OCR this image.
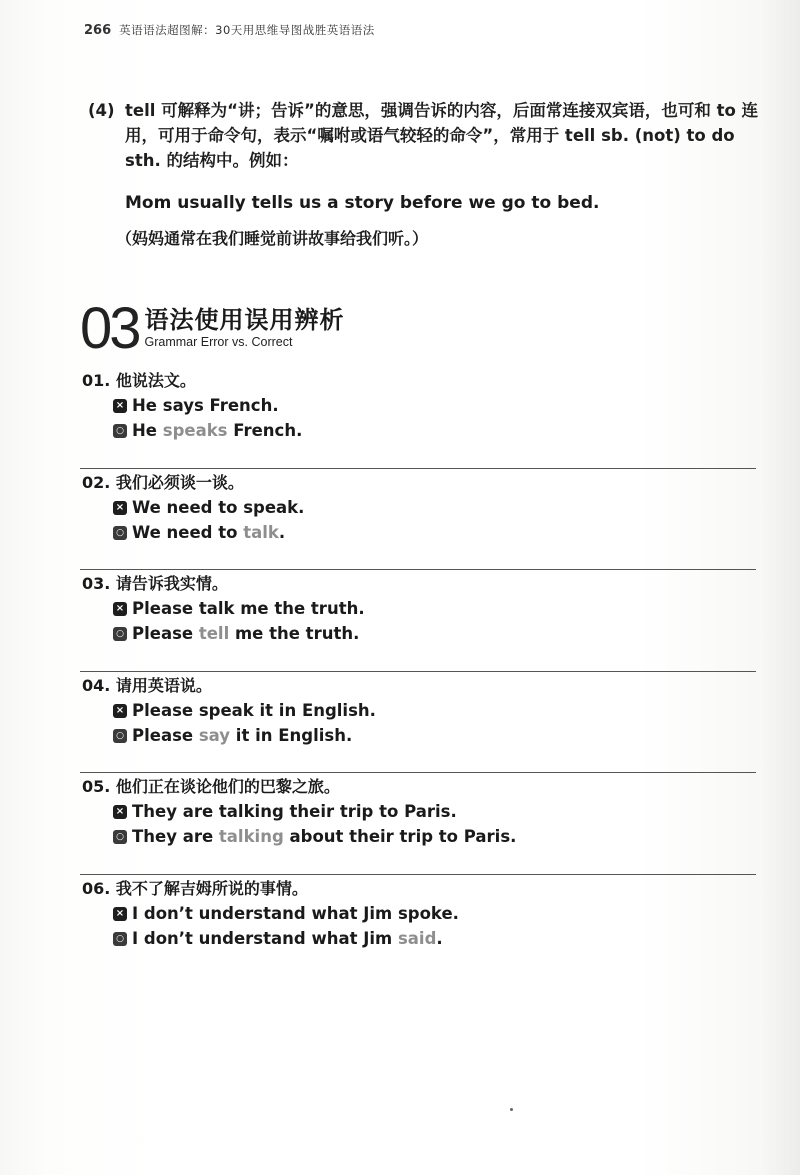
266 英语语法超图解：30天用思维导图战胜英语语法
(4) tell 可解释为“讲；告诉”的意思，强调告诉的内容，后面常连接双宾语，也可和 to 连用，可用于命令句，表示“嘱咐或语气较轻的命令”，常用于 tell sb. (not) to do sth. 的结构中。例如：
Mom usually tells us a story before we go to bed.
（妈妈通常在我们睡觉前讲故事给我们听。）
03 语法使用误用辨析
Grammar Error vs. Correct
01. 他说法文。
× He says French.
○ He speaks French.
02. 我们必须谈一谈。
× We need to speak.
○ We need to talk .
03. 请告诉我实情。
× Please talk me the truth.
○ Please tell me the truth.
04. 请用英语说。
× Please speak it in English.
○ Please say it in English.
05. 他们正在谈论他们的巴黎之旅。
× They are talking their trip to Paris.
○ They are talking about their trip to Paris.
06. 我不了解吉姆所说的事情。
× I don’t understand what Jim spoke.
○ I don’t understand what Jim said .
